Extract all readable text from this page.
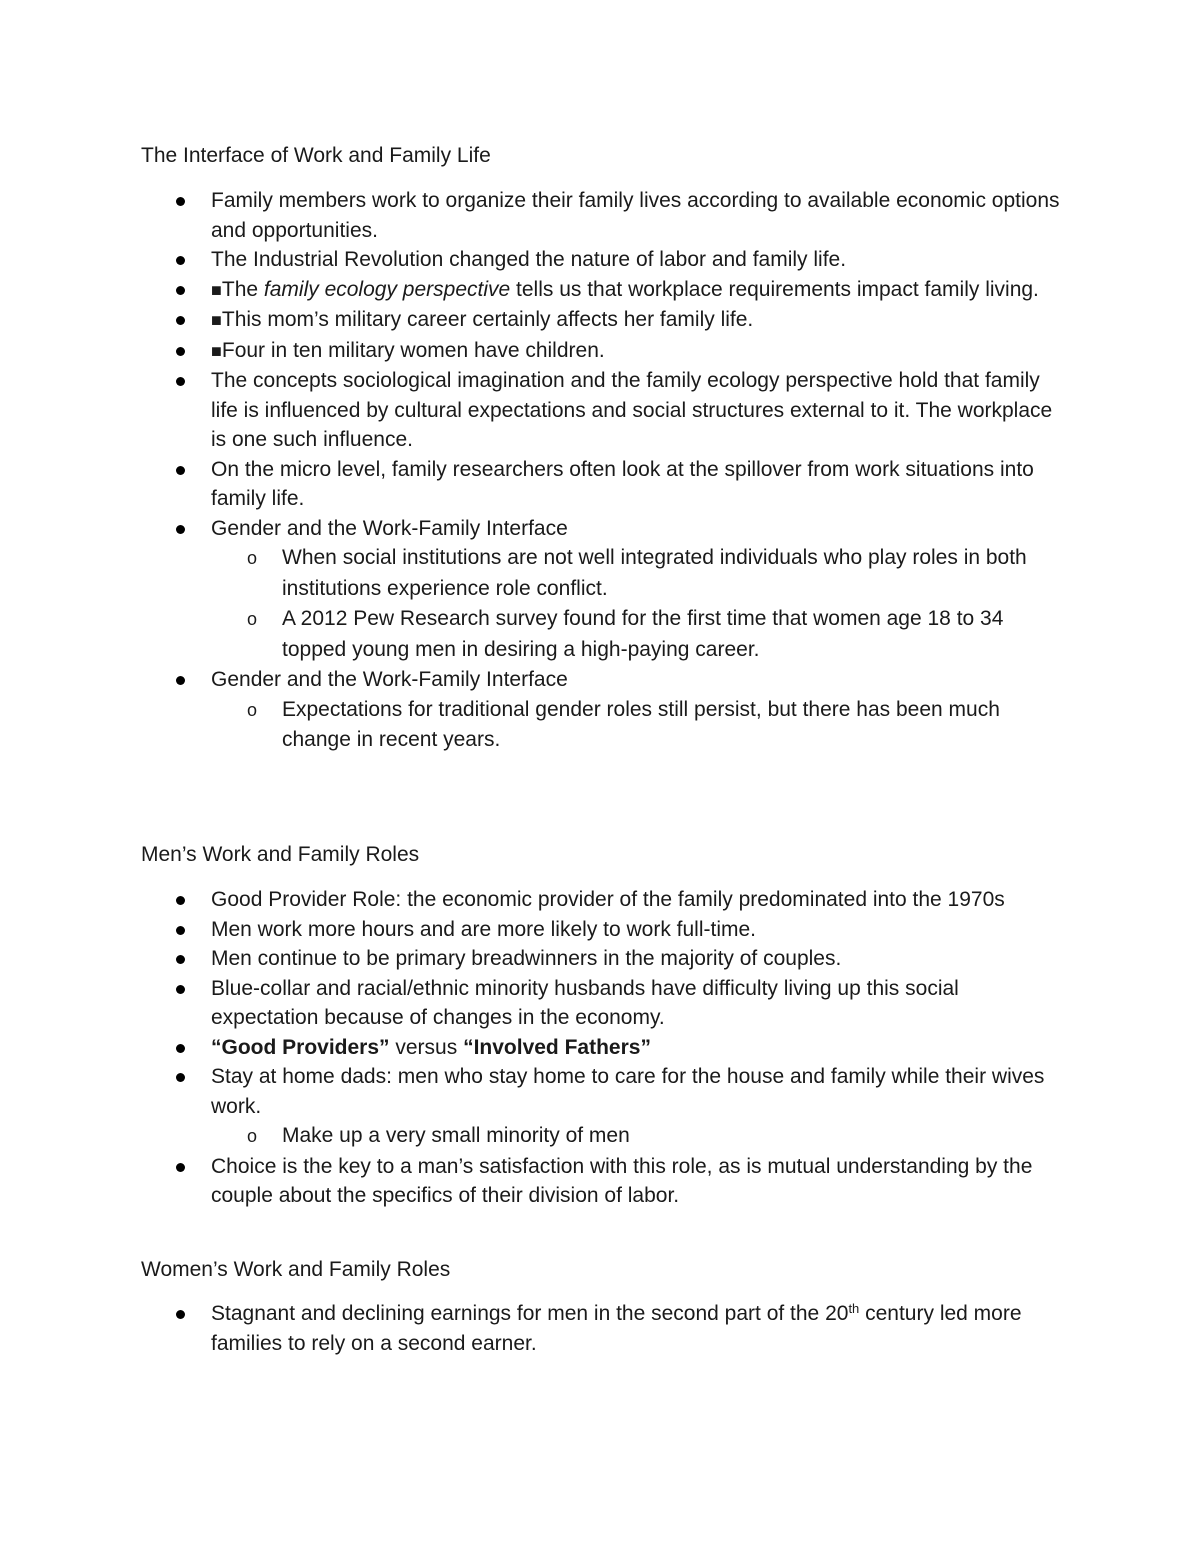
The Interface of Work and Family Life
Family members work to organize their family lives according to available economic options and opportunities.
The Industrial Revolution changed the nature of labor and family life.
■The family ecology perspective tells us that workplace requirements impact family living.
■This mom’s military career certainly affects her family life.
■Four in ten military women have children.
The concepts sociological imagination and the family ecology perspective hold that family life is influenced by cultural expectations and social structures external to it. The workplace is one such influence.
On the micro level, family researchers often look at the spillover from work situations into family life.
Gender and the Work-Family Interface
o When social institutions are not well integrated individuals who play roles in both institutions experience role conflict.
o A 2012 Pew Research survey found for the first time that women age 18 to 34 topped young men in desiring a high-paying career.
Gender and the Work-Family Interface
o Expectations for traditional gender roles still persist, but there has been much change in recent years.
Men’s Work and Family Roles
Good Provider Role: the economic provider of the family predominated into the 1970s
Men work more hours and are more likely to work full-time.
Men continue to be primary breadwinners in the majority of couples.
Blue-collar and racial/ethnic minority husbands have difficulty living up this social expectation because of changes in the economy.
“Good Providers” versus “Involved Fathers”
Stay at home dads: men who stay home to care for the house and family while their wives work.
o Make up a very small minority of men
Choice is the key to a man’s satisfaction with this role, as is mutual understanding by the couple about the specifics of their division of labor.
Women’s Work and Family Roles
Stagnant and declining earnings for men in the second part of the 20th century led more families to rely on a second earner.
